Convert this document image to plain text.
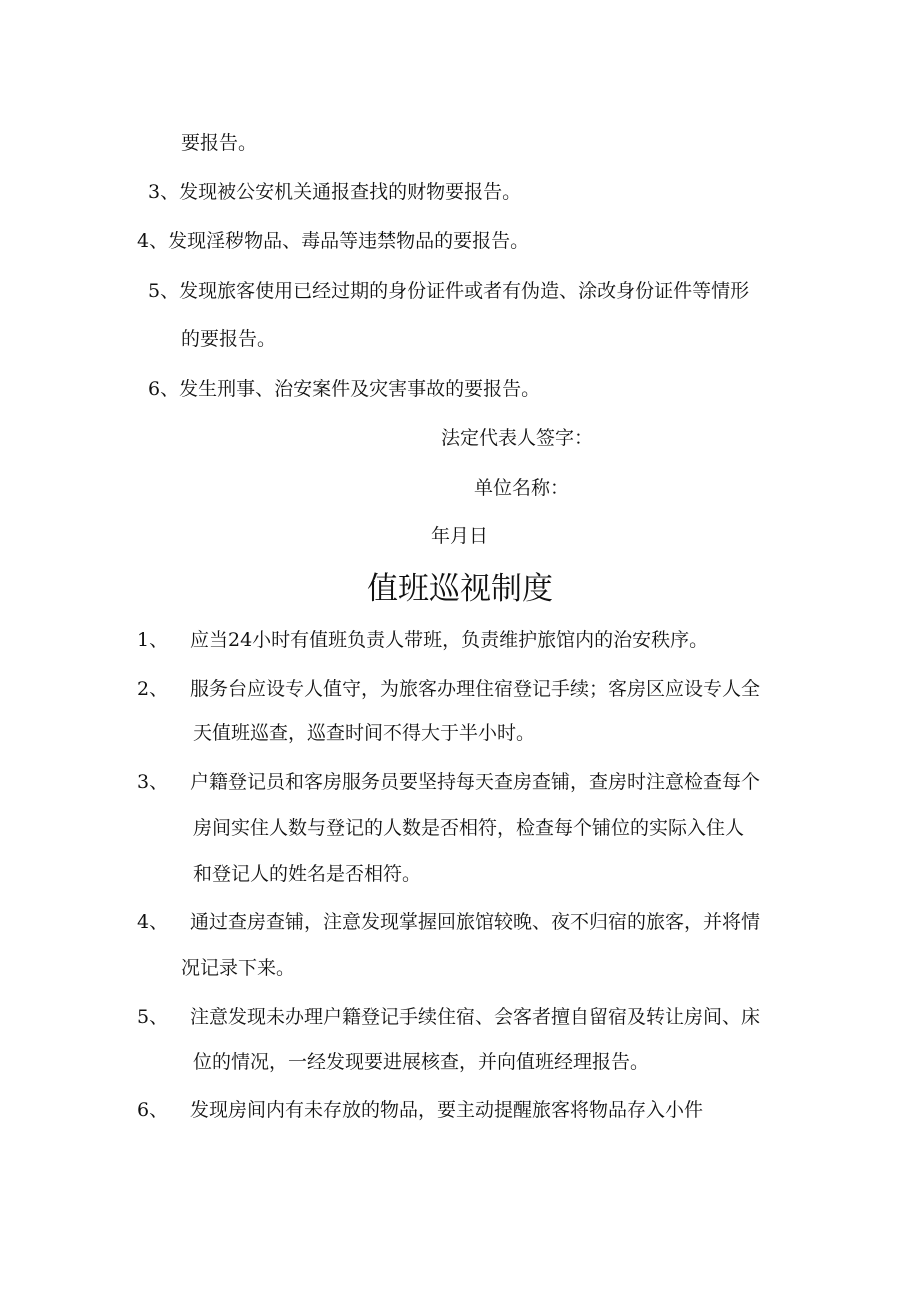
要报告。
3、发现被公安机关通报查找的财物要报告。
4、发现淫秽物品、毒品等违禁物品的要报告。
5、发现旅客使用已经过期的身份证件或者有伪造、涂改身份证件等情形
的要报告。
6、发生刑事、治安案件及灾害事故的要报告。
法定代表人签字：
单位名称：
年月日
值班巡视制度
1、 应当24小时有值班负责人带班，负责维护旅馆内的治安秩序。
2、 服务台应设专人值守，为旅客办理住宿登记手续；客房区应设专人全
天值班巡查，巡查时间不得大于半小时。
3、 户籍登记员和客房服务员要坚持每天查房查铺，查房时注意检查每个
房间实住人数与登记的人数是否相符，检查每个铺位的实际入住人
和登记人的姓名是否相符。
4、 通过查房查铺，注意发现掌握回旅馆较晚、夜不归宿的旅客，并将情
况记录下来。
5、 注意发现未办理户籍登记手续住宿、会客者擅自留宿及转让房间、床
位的情况，一经发现要进展核查，并向值班经理报告。
6、 发现房间内有未存放的物品，要主动提醒旅客将物品存入小件
